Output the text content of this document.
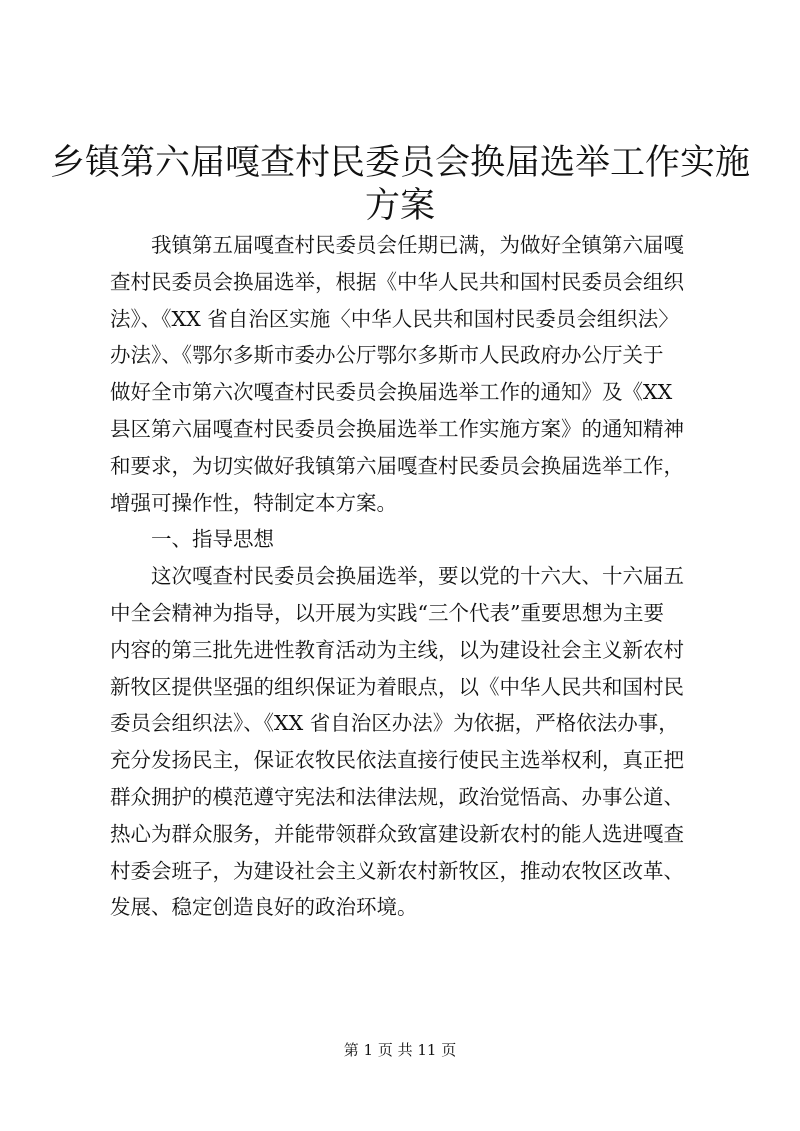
乡镇第六届嘎查村民委员会换届选举工作实施
方案
我镇第五届嘎查村民委员会任期已满，为做好全镇第六届嘎
查村民委员会换届选举，根据《中华人民共和国村民委员会组织
法》、《XX 省自治区实施〈中华人民共和国村民委员会组织法〉
办法》、《鄂尔多斯市委办公厅鄂尔多斯市人民政府办公厅关于
做好全市第六次嘎查村民委员会换届选举工作的通知》及《XX
县区第六届嘎查村民委员会换届选举工作实施方案》的通知精神
和要求，为切实做好我镇第六届嘎查村民委员会换届选举工作，
增强可操作性，特制定本方案。
一、指导思想
这次嘎查村民委员会换届选举，要以党的十六大、十六届五
中全会精神为指导，以开展为实践“三个代表”重要思想为主要
内容的第三批先进性教育活动为主线，以为建设社会主义新农村
新牧区提供坚强的组织保证为着眼点，以《中华人民共和国村民
委员会组织法》、《XX 省自治区办法》为依据，严格依法办事，
充分发扬民主，保证农牧民依法直接行使民主选举权利，真正把
群众拥护的模范遵守宪法和法律法规，政治觉悟高、办事公道、
热心为群众服务，并能带领群众致富建设新农村的能人选进嘎查
村委会班子，为建设社会主义新农村新牧区，推动农牧区改革、
发展、稳定创造良好的政治环境。
第 1 页 共 11 页
